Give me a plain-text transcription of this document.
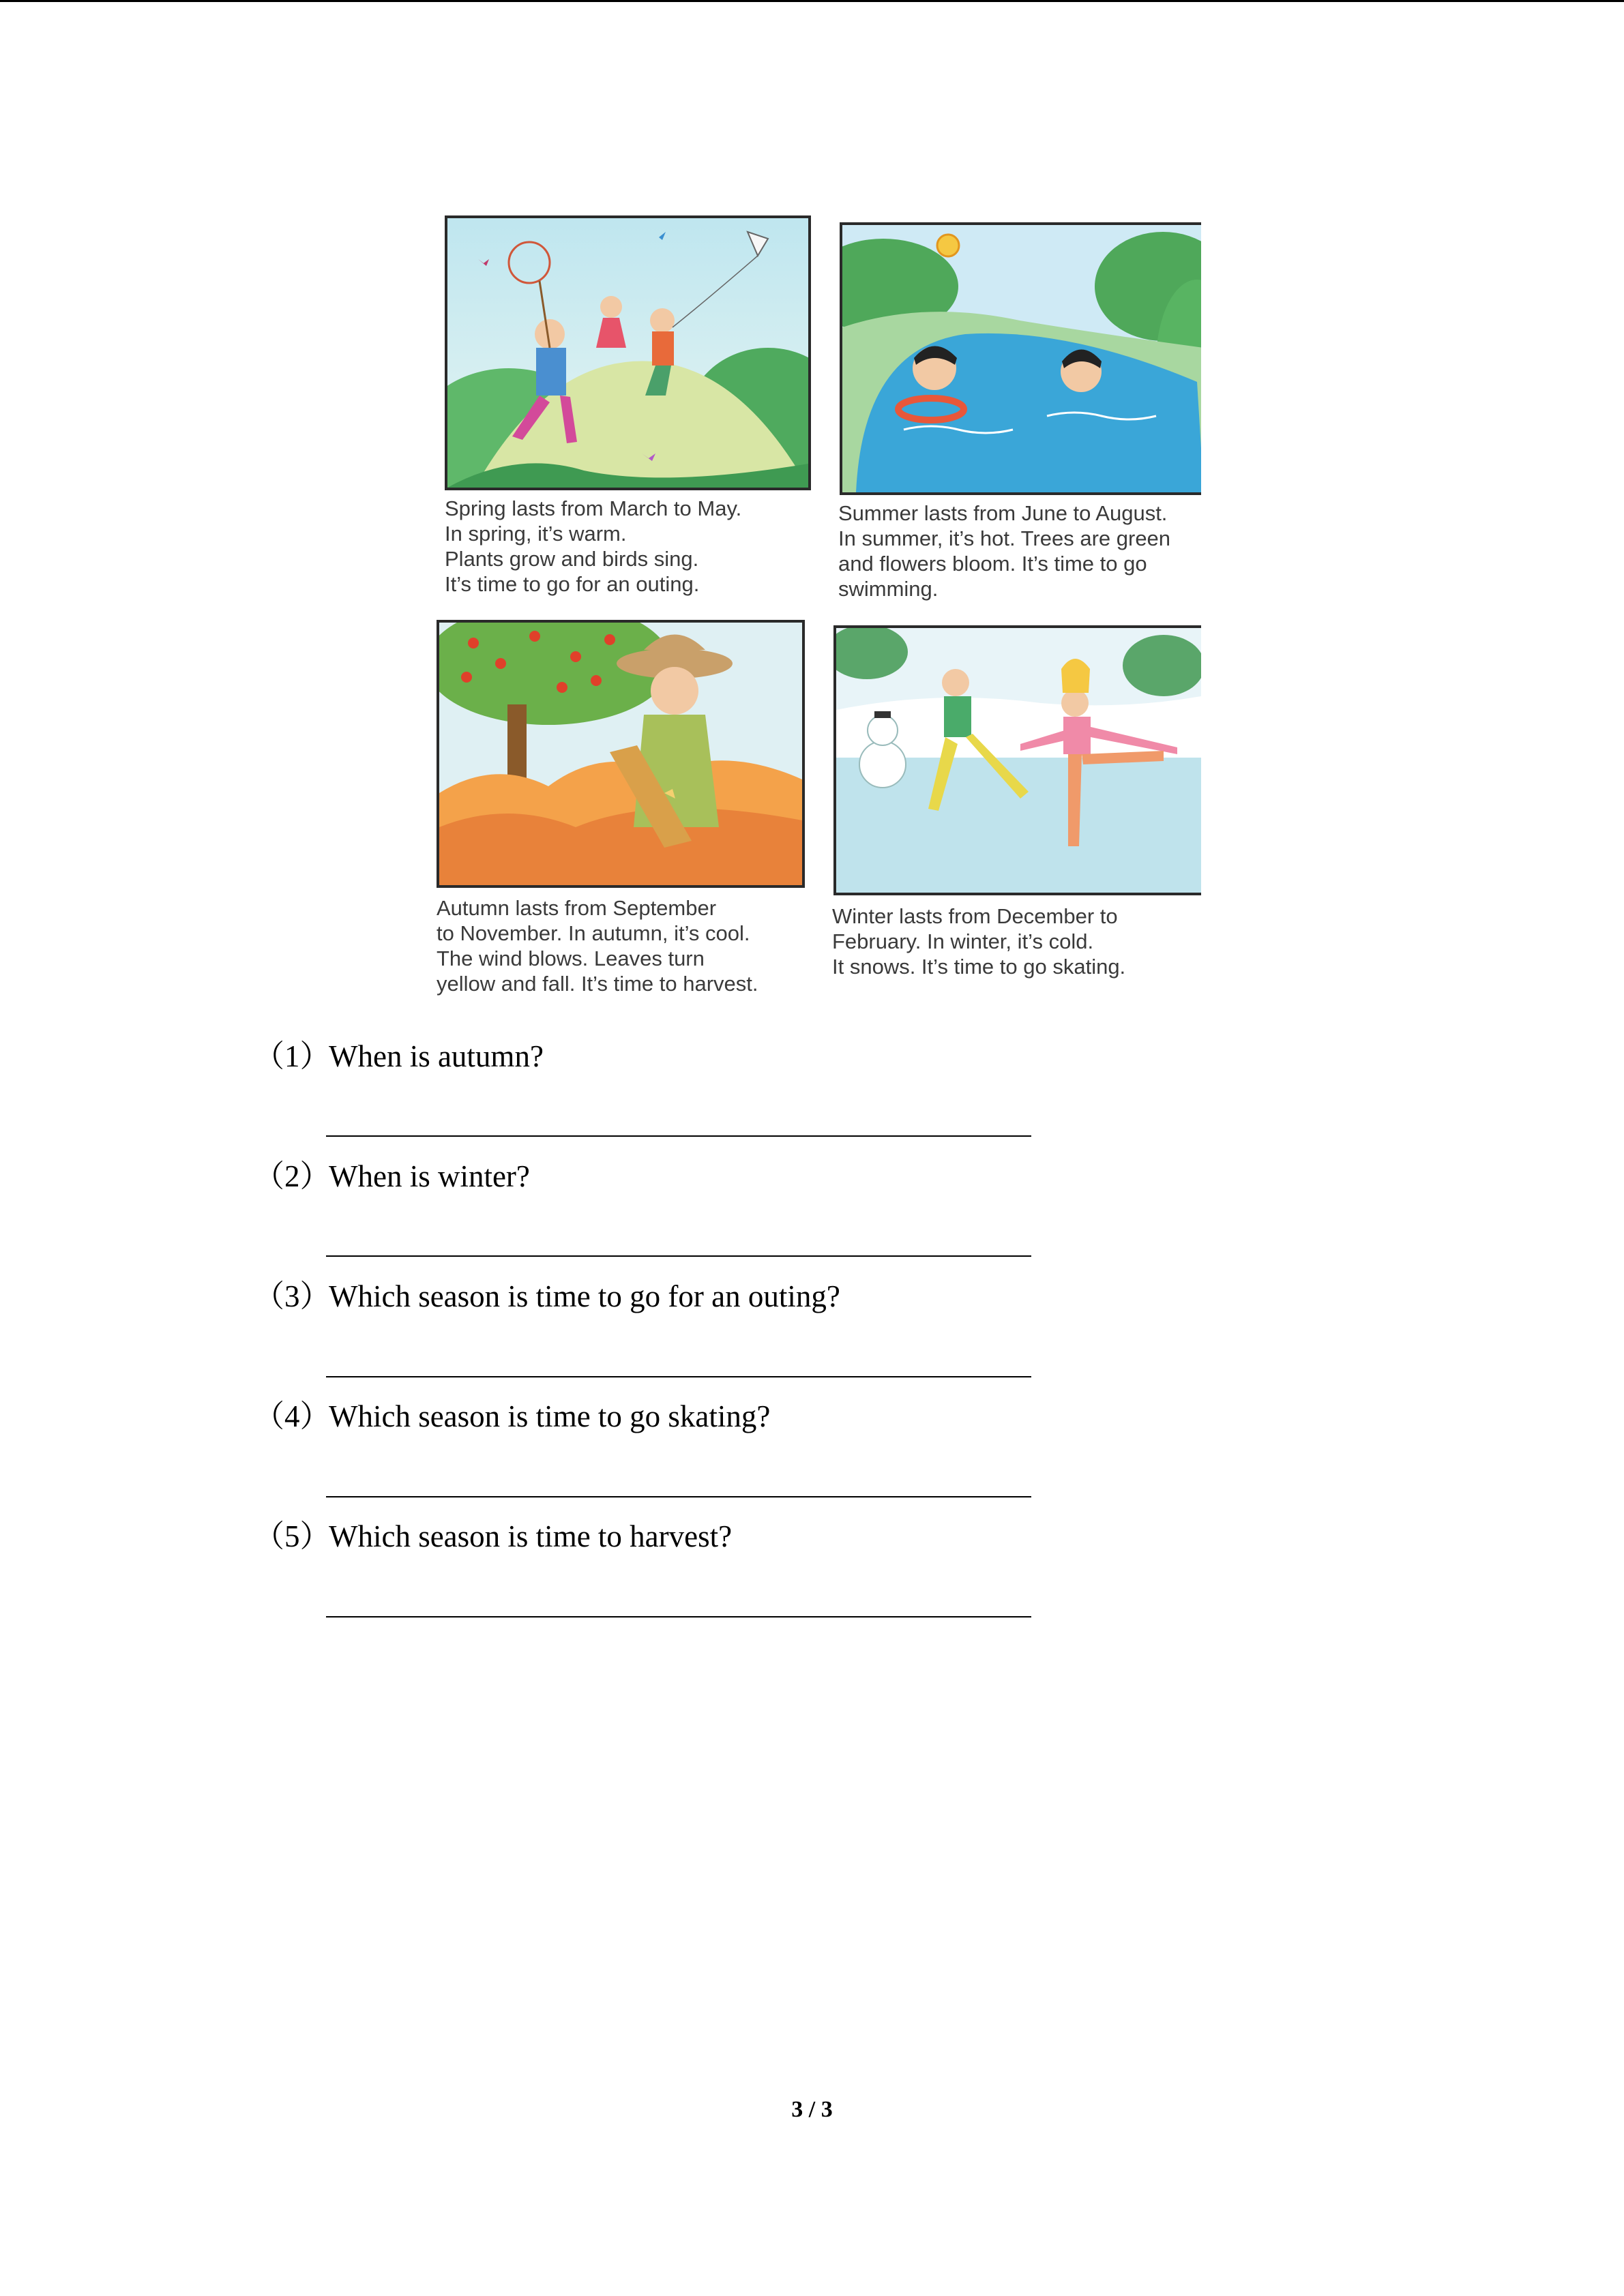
Spring lasts from March to May.
In spring, it’s warm.
Plants grow and birds sing.
It’s time to go for an outing.
Summer lasts from June to August.
In summer, it’s hot. Trees are green
and flowers bloom. It’s time to go
swimming.
Autumn lasts from September
to November. In autumn, it’s cool.
The wind blows. Leaves turn
yellow and fall. It’s time to harvest.
Winter lasts from December to
February. In winter, it’s cold.
It snows. It’s time to go skating.
（1）When is autumn?
（2）When is winter?
（3）Which season is time to go for an outing?
（4）Which season is time to go skating?
（5）Which season is time to harvest?
3 / 3
